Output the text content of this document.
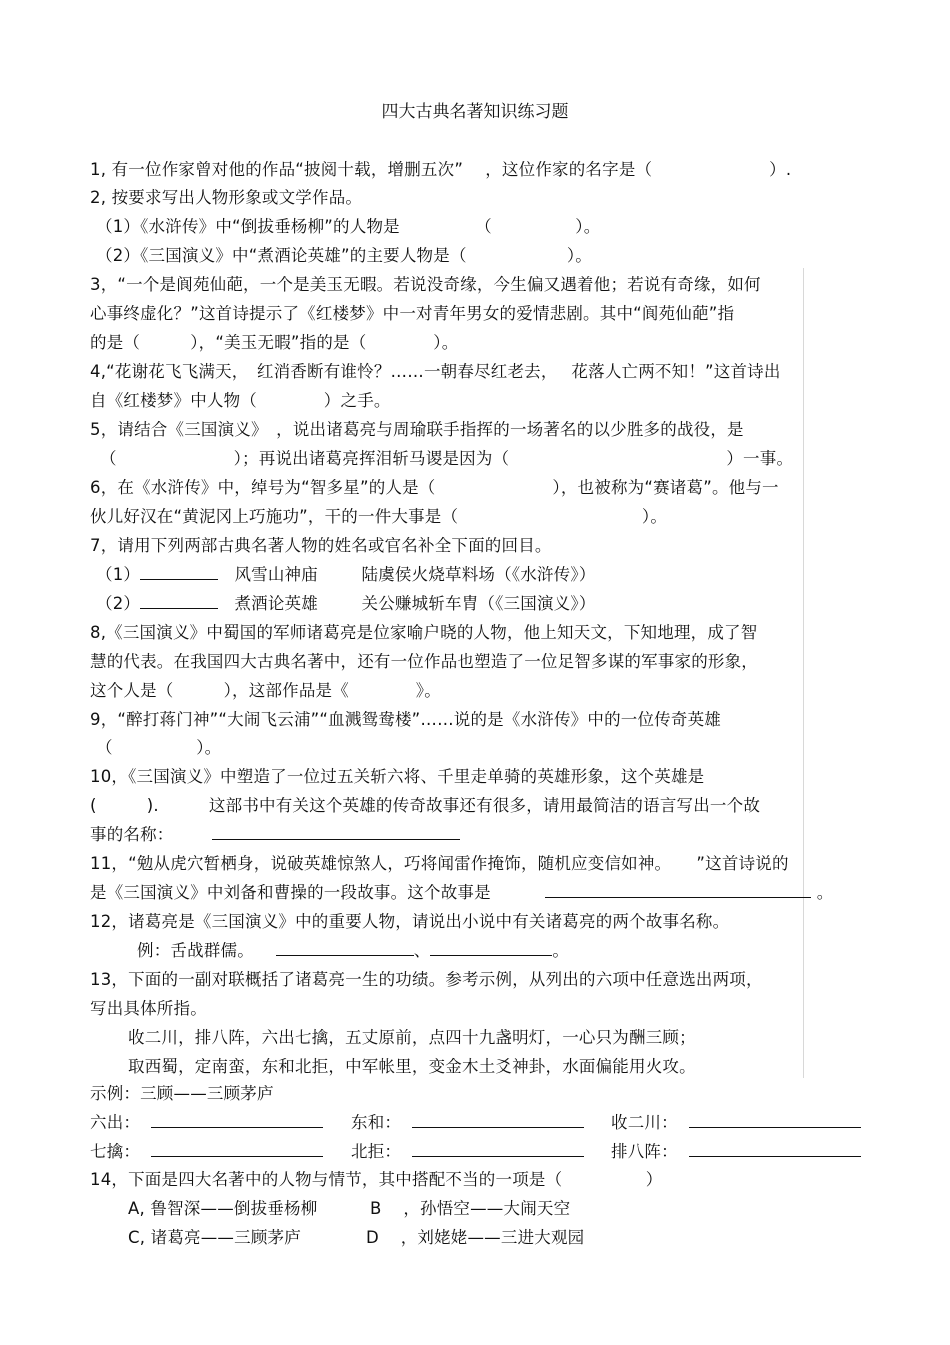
四大古典名著知识练习题
1, 有一位作家曾对他的作品“披阅十载，增删五次”　 ，这位作家的名字是（　　　　　　　）.
2, 按要求写出人物形象或文学作品。
（1）《水浒传》中“倒拔垂杨柳”的人物是　　　　　（　　　　　）。
（2）《三国演义》中“煮酒论英雄”的主要人物是（　　　　　　）。
3，“一个是阆苑仙葩，一个是美玉无暇。若说没奇缘，今生偏又遇着他；若说有奇缘，如何
心事终虚化？”这首诗提示了《红楼梦》中一对青年男女的爱情悲剧。其中“阆苑仙葩”指
的是（　　　），“美玉无暇”指的是（　　　　）。
4,“花谢花飞飞满天，　红消香断有谁怜？……一朝春尽红老去，　 花落人亡两不知！”这首诗出
自《红楼梦》中人物（　　　　）之手。
5，请结合《三国演义》　，说出诸葛亮与周瑜联手指挥的一场著名的以少胜多的战役，是
（　　　　　　　）；再说出诸葛亮挥泪斩马谡是因为（　　　　　　　　　　　　　）一事。
6，在《水浒传》中，绰号为“智多星”的人是（　　　　　　　），也被称为“赛诸葛”。他与一
伙儿好汉在“黄泥冈上巧施功”，干的一件大事是（　　　　　　　　　　　）。
7，请用下列两部古典名著人物的姓名或官名补全下面的回目。
（1）	风雪山神庙	陆虞侯火烧草料场（《水浒传》）
（2）	煮酒论英雄	关公赚城斩车胄（《三国演义》）
8,《三国演义》中蜀国的军师诸葛亮是位家喻户晓的人物，他上知天文，下知地理，成了智
慧的代表。在我国四大古典名著中，还有一位作品也塑造了一位足智多谋的军事家的形象，
这个人是（　　　），这部作品是《　　　　》。
9，“醉打蒋门神”“大闹飞云浦”“血溅鸳鸯楼”……说的是《水浒传》中的一位传奇英雄
（　　　　　）。
10，《三国演义》中塑造了一位过五关斩六将、千里走单骑的英雄形象，这个英雄是
(　　　).　　　这部书中有关这个英雄的传奇故事还有很多，请用最简洁的语言写出一个故
事的名称：
11，“勉从虎穴暂栖身，说破英雄惊煞人，巧将闻雷作掩饰，随机应变信如神。　　”这首诗说的
是《三国演义》中刘备和曹操的一段故事。这个故事是	。
12，诸葛亮是《三国演义》中的重要人物，请说出小说中有关诸葛亮的两个故事名称。
例：舌战群儒。	、	。
13，下面的一副对联概括了诸葛亮一生的功绩。参考示例，从列出的六项中任意选出两项，
写出具体所指。
收二川，排八阵，六出七擒，五丈原前，点四十九盏明灯，一心只为酬三顾；
取西蜀，定南蛮，东和北拒，中军帐里，变金木土爻神卦，水面偏能用火攻。
示例：三顾——三顾茅庐
六出：	东和：	收二川：
七擒：	北拒：	排八阵：
14，下面是四大名著中的人物与情节，其中搭配不当的一项是（　　　　　）
A, 鲁智深——倒拔垂杨柳	B ，孙悟空——大闹天空
C, 诸葛亮——三顾茅庐	D ，刘姥姥——三进大观园
